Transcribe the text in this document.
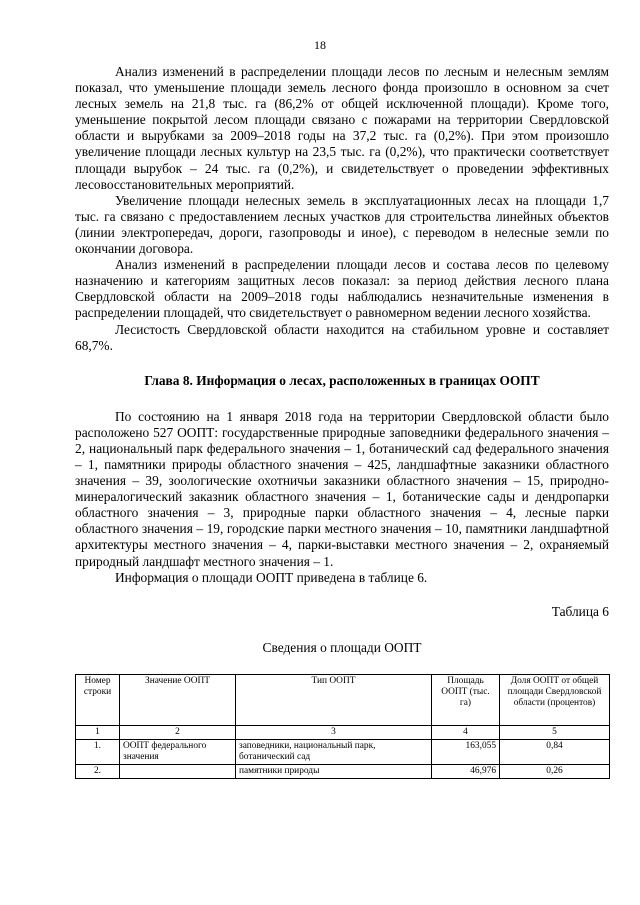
18

Анализ изменений в распределении площади лесов по лесным и нелесным землям показал, что уменьшение площади земель лесного фонда произошло в основном за счет лесных земель на 21,8 тыс. га (86,2% от общей исключенной площади). Кроме того, уменьшение покрытой лесом площади связано с пожарами на территории Свердловской области и вырубками за 2009–2018 годы на 37,2 тыс. га (0,2%). При этом произошло увеличение площади лесных культур на 23,5 тыс. га (0,2%), что практически соответствует площади вырубок – 24 тыс. га (0,2%), и свидетельствует о проведении эффективных лесовосстановительных мероприятий.

Увеличение площади нелесных земель в эксплуатационных лесах на площади 1,7 тыс. га связано с предоставлением лесных участков для строительства линейных объектов (линии электропередач, дороги, газопроводы и иное), с переводом в нелесные земли по окончании договора.

Анализ изменений в распределении площади лесов и состава лесов по целевому назначению и категориям защитных лесов показал: за период действия лесного плана Свердловской области на 2009–2018 годы наблюдались незначительные изменения в распределении площадей, что свидетельствует о равномерном ведении лесного хозяйства.

Лесистость Свердловской области находится на стабильном уровне и составляет 68,7%.

Глава 8. Информация о лесах, расположенных в границах ООПТ

По состоянию на 1 января 2018 года на территории Свердловской области было расположено 527 ООПТ: государственные природные заповедники федерального значения – 2, национальный парк федерального значения – 1, ботанический сад федерального значения – 1, памятники природы областного значения – 425, ландшафтные заказники областного значения – 39, зоологические охотничьи заказники областного значения – 15, природно-минералогический заказник областного значения – 1, ботанические сады и дендропарки областного значения – 3, природные парки областного значения – 4, лесные парки областного значения – 19, городские парки местного значения – 10, памятники ландшафтной архитектуры местного значения – 4, парки-выставки местного значения – 2, охраняемый природный ландшафт местного значения – 1.

Информация о площади ООПТ приведена в таблице 6.

Таблица 6

Сведения о площади ООПТ

Номер строки	Значение ООПТ	Тип ООПТ	Площадь ООПТ (тыс. га)	Доля ООПТ от общей площади Свердловской области (процентов)
1	2	3	4	5
1.	ООПТ федерального значения	заповедники, национальный парк, ботанический сад	163,055	0,84
2.		памятники природы	46,976	0,26
